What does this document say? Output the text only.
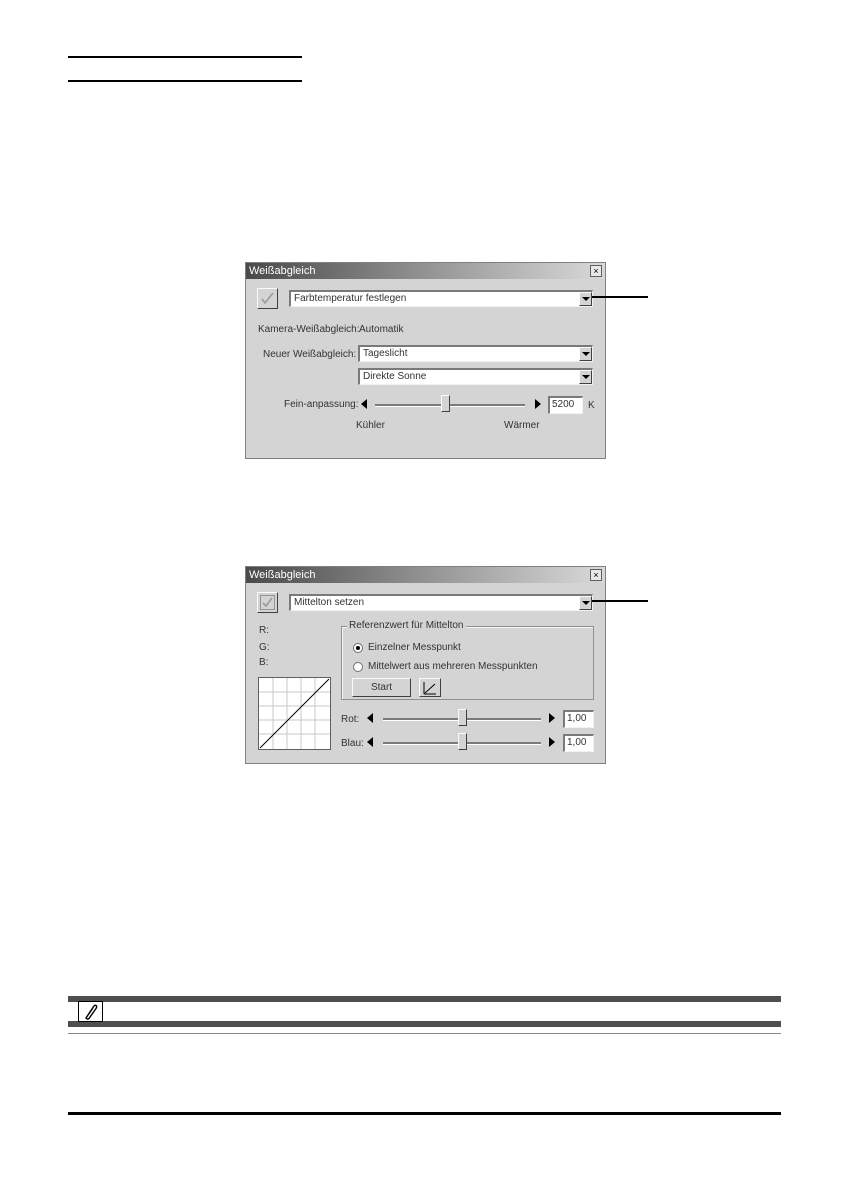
Weißabgleich	×
Farbtemperatur festlegen
Kamera-Weißabgleich: Automatik
Neuer Weißabgleich: Tageslicht
Direkte Sonne
Fein-anpassung:	5200	K
Kühler	Wärmer
Weißabgleich	×
Mittelton setzen
R:
G:
B:
Referenzwert für Mittelton
Einzelner Messpunkt
Mittelwert aus mehreren Messpunkten
Start
Rot:	1,00
Blau:	1,00
